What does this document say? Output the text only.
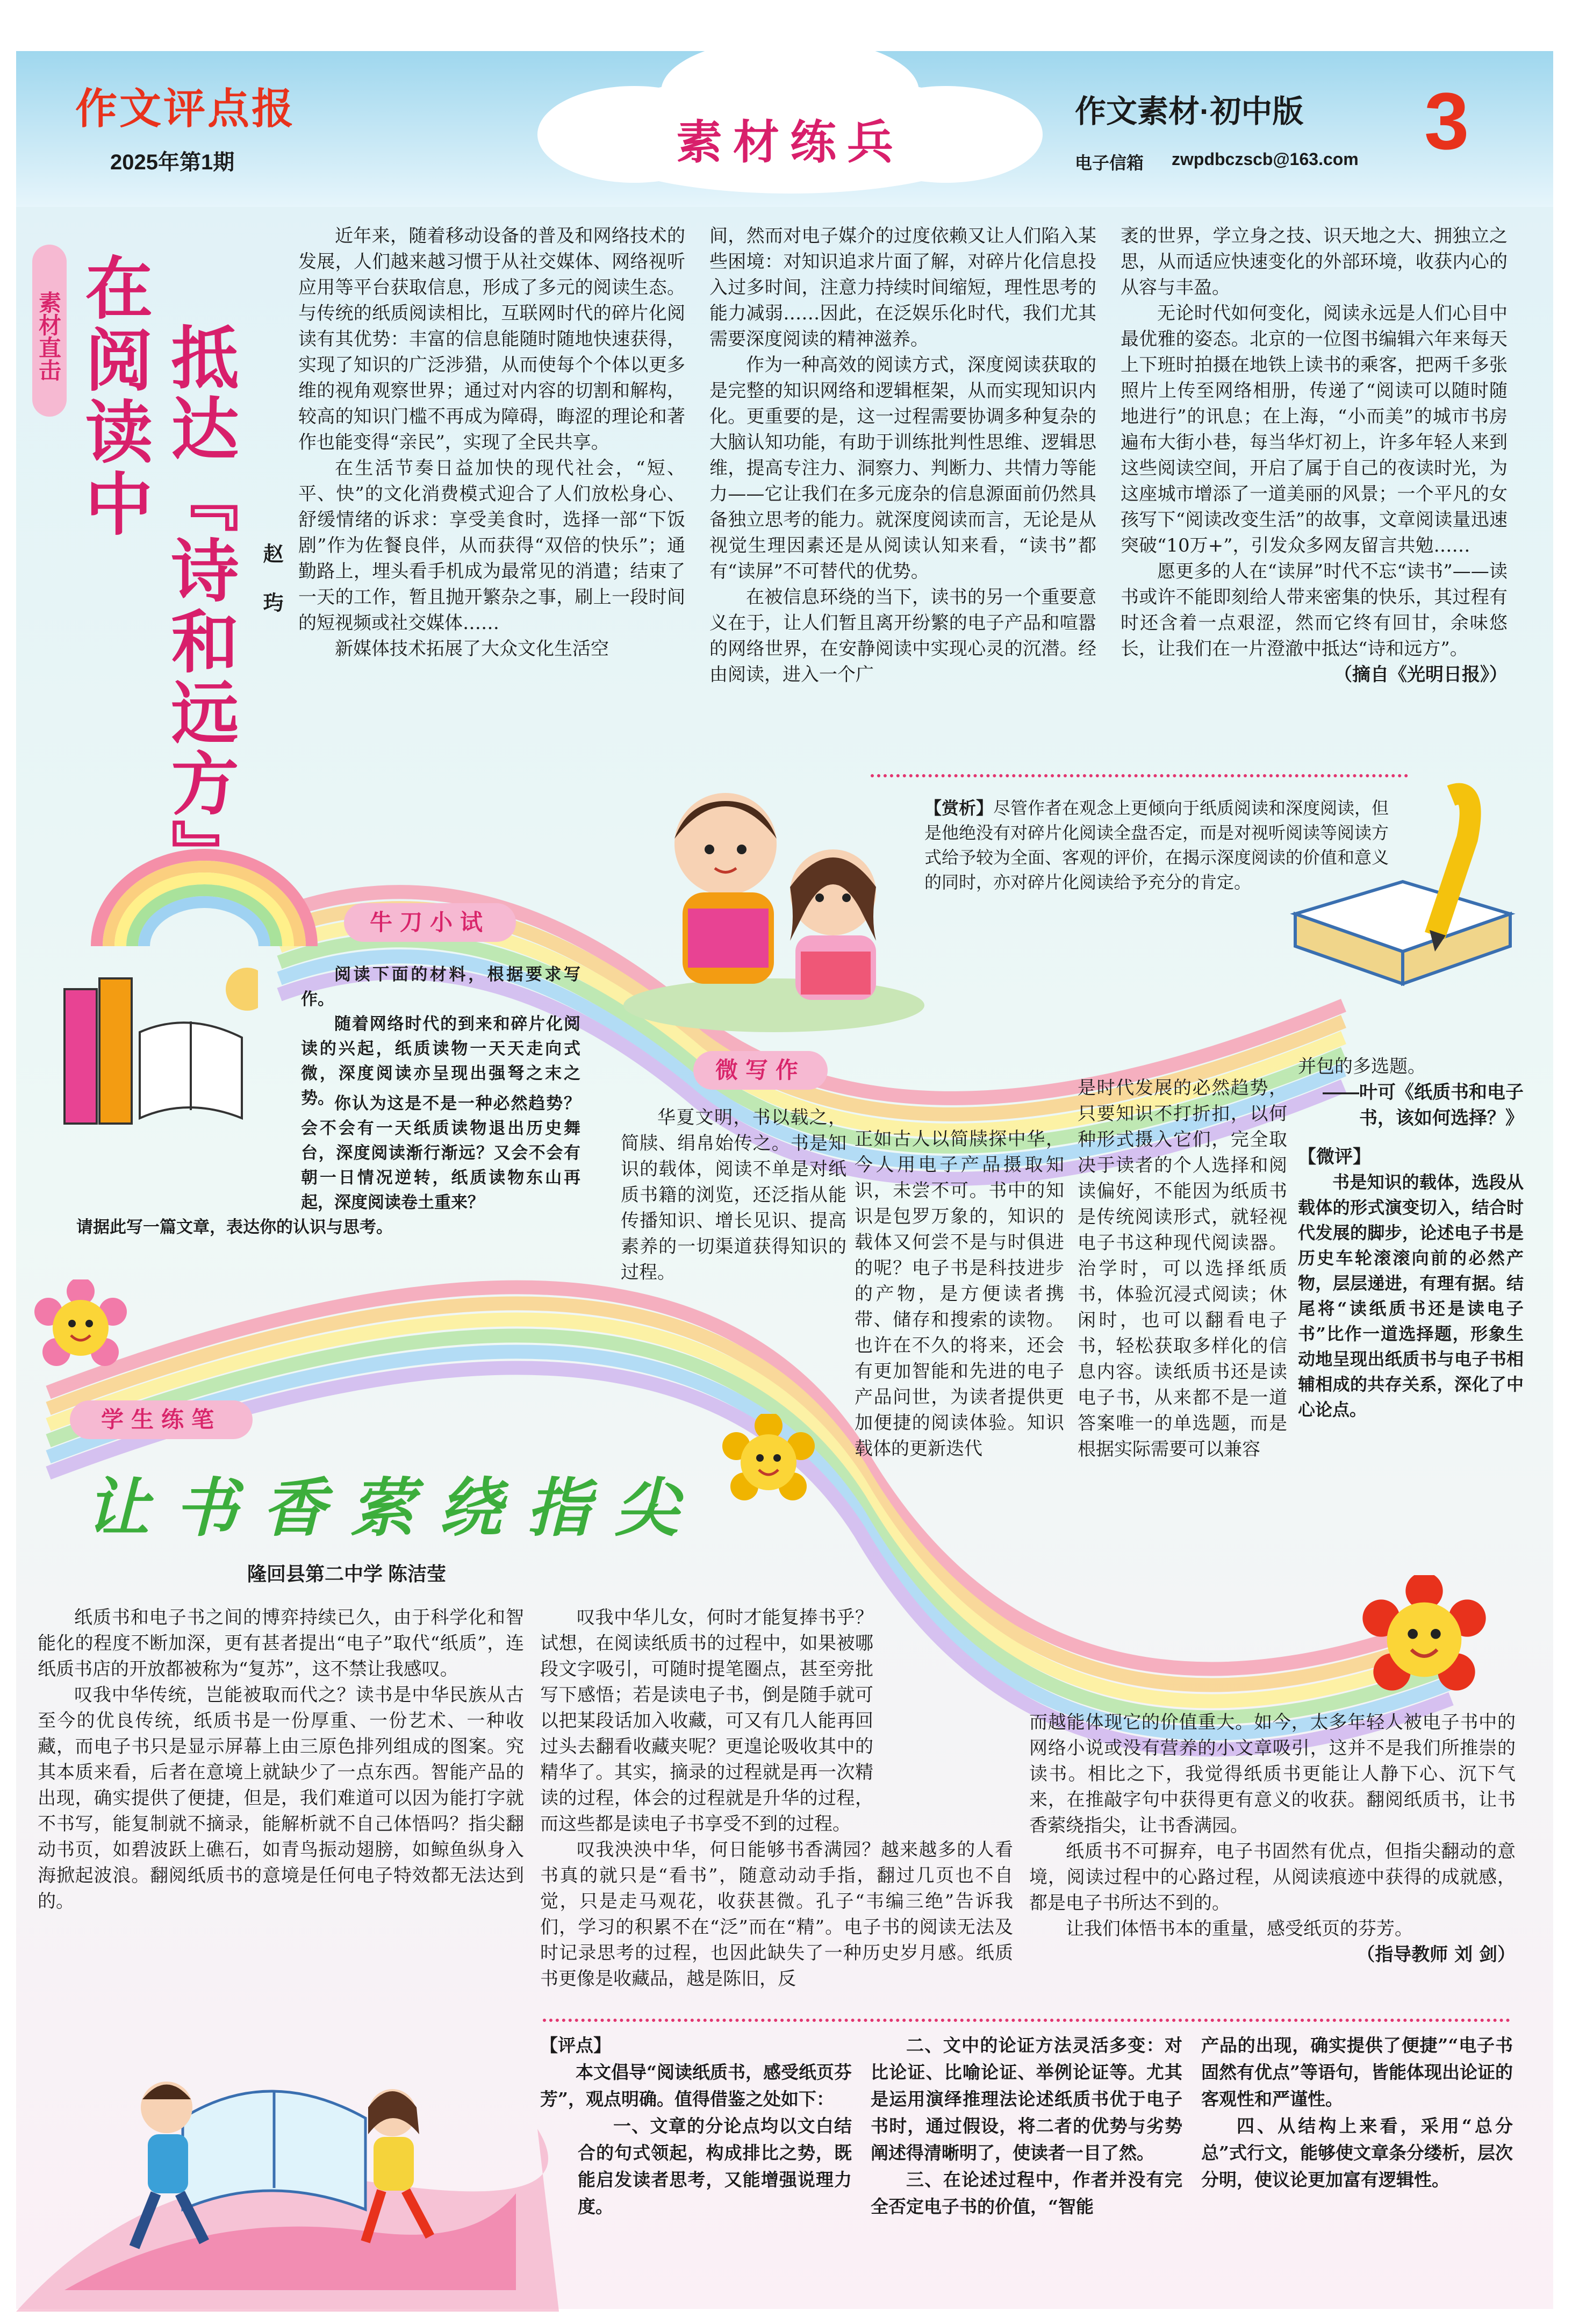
作文评点报
2025年第1期	素材练兵
作文素材·初中版
电子信箱 zwpdbczscb@163.com 3
素材直击 在阅读中 抵达『诗和远方』 赵 玙

近年来，随着移动设备的普及和网络技术的发展，人们越来越习惯于从社交媒体、网络视听应用等平台获取信息，形成了多元的阅读生态。与传统的纸质阅读相比，互联网时代的碎片化阅读有其优势：丰富的信息能随时随地快速获得，实现了知识的广泛涉猎，从而使每个个体以更多维的视角观察世界；通过对内容的切割和解构，较高的知识门槛不再成为障碍，晦涩的理论和著作也能变得“亲民”，实现了全民共享。

在生活节奏日益加快的现代社会，“短、平、快”的文化消费模式迎合了人们放松身心、舒缓情绪的诉求：享受美食时，选择一部“下饭剧”作为佐餐良伴，从而获得“双倍的快乐”；通勤路上，埋头看手机成为最常见的消遣；结束了一天的工作，暂且抛开繁杂之事，刷上一段时间的短视频或社交媒体……

新媒体技术拓展了大众文化生活空

间，然而对电子媒介的过度依赖又让人们陷入某些困境：对知识追求片面了解，对碎片化信息投入过多时间，注意力持续时间缩短，理性思考的能力减弱……因此，在泛娱乐化时代，我们尤其需要深度阅读的精神滋养。

作为一种高效的阅读方式，深度阅读获取的是完整的知识网络和逻辑框架，从而实现知识内化。更重要的是，这一过程需要协调多种复杂的大脑认知功能，有助于训练批判性思维、逻辑思维，提高专注力、洞察力、判断力、共情力等能力——它让我们在多元庞杂的信息源面前仍然具备独立思考的能力。就深度阅读而言，无论是从视觉生理因素还是从阅读认知来看，“读书”都有“读屏”不可替代的优势。

在被信息环绕的当下，读书的另一个重要意义在于，让人们暂且离开纷繁的电子产品和喧嚣的网络世界，在安静阅读中实现心灵的沉潜。经由阅读，进入一个广

袤的世界，学立身之技、识天地之大、拥独立之思，从而适应快速变化的外部环境，收获内心的从容与丰盈。

无论时代如何变化，阅读永远是人们心目中最优雅的姿态。北京的一位图书编辑六年来每天上下班时拍摄在地铁上读书的乘客，把两千多张照片上传至网络相册，传递了“阅读可以随时随地进行”的讯息；在上海，“小而美”的城市书房遍布大街小巷，每当华灯初上，许多年轻人来到这些阅读空间，开启了属于自己的夜读时光，为这座城市增添了一道美丽的风景；一个平凡的女孩写下“阅读改变生活”的故事，文章阅读量迅速突破“10万+”，引发众多网友留言共勉……

愿更多的人在“读屏”时代不忘“读书”——读书或许不能即刻给人带来密集的快乐，其过程有时还含着一点艰涩，然而它终有回甘，余味悠长，让我们在一片澄澈中抵达“诗和远方”。

（摘自《光明日报》）

【赏析】尽管作者在观念上更倾向于纸质阅读和深度阅读，但是他绝没有对碎片化阅读全盘否定，而是对视听阅读等阅读方式给予较为全面、客观的评价，在揭示深度阅读的价值和意义的同时，亦对碎片化阅读给予充分的肯定。
牛刀小试

阅读下面的材料，根据要求写作。

随着网络时代的到来和碎片化阅读的兴起，纸质读物一天天走向式微，深度阅读亦呈现出强弩之末之势。 你认为这是不是一种必然趋势？会不会有一天纸质读物退出历史舞台，深度阅读渐行渐远？又会不会有朝一日情况逆转，纸质读物东山再起，深度阅读卷土重来？

请据此写一篇文章，表达你的认识与思考。

微写作

华夏文明，书以载之，简牍、绢帛始传之。书是知识的载体，阅读不单是对纸质书籍的浏览，还泛指从能传播知识、增长见识、提高素养的一切渠道获得知识的过程。

正如古人以简牍探中华，今人用电子产品摄取知识，未尝不可。书中的知识是包罗万象的，知识的载体又何尝不是与时俱进的呢？电子书是科技进步的产物，是方便读者携带、储存和搜索的读物。也许在不久的将来，还会有更加智能和先进的电子产品问世，为读者提供更加便捷的阅读体验。知识载体的更新迭代

是时代发展的必然趋势，只要知识不打折扣，以何种形式摄入它们，完全取决于读者的个人选择和阅读偏好，不能因为纸质书是传统阅读形式，就轻视电子书这种现代阅读器。治学时，可以选择纸质书，体验沉浸式阅读；休闲时，也可以翻看电子书，轻松获取多样化的信息内容。读纸质书还是读电子书，从来都不是一道答案唯一的单选题，而是根据实际需要可以兼容

并包的多选题。

——叶可《纸质书和电子书，该如何选择？》

【微评】

书是知识的载体，选段从载体的形式演变切入，结合时代发展的脚步，论述电子书是历史车轮滚滚向前的必然产物，层层递进，有理有据。结尾将“读纸质书还是读电子书”比作一道选择题，形象生动地呈现出纸质书与电子书相辅相成的共存关系，深化了中心论点。

学生练笔
让书香萦绕指尖
隆回县第二中学 陈洁莹

纸质书和电子书之间的博弈持续已久，由于科学化和智能化的程度不断加深，更有甚者提出“电子”取代“纸质”，连纸质书店的开放都被称为“复苏”，这不禁让我感叹。

叹我中华传统，岂能被取而代之？读书是中华民族从古至今的优良传统，纸质书是一份厚重、一份艺术、一种收藏，而电子书只是显示屏幕上由三原色排列组成的图案。究其本质来看，后者在意境上就缺少了一点东西。智能产品的出现，确实提供了便捷，但是，我们难道可以因为能打字就不书写，能复制就不摘录，能解析就不自己体悟吗？指尖翻动书页，如碧波跃上礁石，如青鸟振动翅膀，如鲸鱼纵身入海掀起波浪。翻阅纸质书的意境是任何电子特效都无法达到的。

叹我中华儿女，何时才能复捧书乎？试想，在阅读纸质书的过程中，如果被哪段文字吸引，可随时提笔圈点，甚至旁批写下感悟；若是读电子书，倒是随手就可以把某段话加入收藏，可又有几人能再回过头去翻看收藏夹呢？更遑论吸收其中的精华了。其实，摘录的过程就是再一次精读的过程，体会的过程就是升华的过程，而这些都是读电子书享受不到的过程。

叹我泱泱中华，何日能够书香满园？越来越多的人看书真的就只是“看书”，随意动动手指，翻过几页也不自觉，只是走马观花，收获甚微。孔子“韦编三绝”告诉我们，学习的积累不在“泛”而在“精”。电子书的阅读无法及时记录思考的过程，也因此缺失了一种历史岁月感。纸质书更像是收藏品，越是陈旧，反

而越能体现它的价值重大。如今，太多年轻人被电子书中的网络小说或没有营养的小文章吸引，这并不是我们所推崇的读书。相比之下，我觉得纸质书更能让人静下心、沉下气来，在推敲字句中获得更有意义的收获。翻阅纸质书，让书香萦绕指尖，让书香满园。

纸质书不可摒弃，电子书固然有优点，但指尖翻动的意境，阅读过程中的心路过程，从阅读痕迹中获得的成就感，都是电子书所达不到的。

让我们体悟书本的重量，感受纸页的芬芳。

（指导教师 刘 剑）

【评点】

本文倡导“阅读纸质书，感受纸页芬芳”，观点明确。值得借鉴之处如下：

一、文章的分论点均以文白结合的句式领起，构成排比之势，既能启发读者思考，又能增强说理力度。

二、文中的论证方法灵活多变：对比论证、比喻论证、举例论证等。尤其是运用演绎推理法论述纸质书优于电子书时，通过假设，将二者的优势与劣势阐述得清晰明了，使读者一目了然。

三、在论述过程中，作者并没有完全否定电子书的价值，“智能

产品的出现，确实提供了便捷”“电子书固然有优点”等语句，皆能体现出论证的客观性和严谨性。

四、从结构上来看，采用“总分总”式行文，能够使文章条分缕析，层次分明，使议论更加富有逻辑性。
